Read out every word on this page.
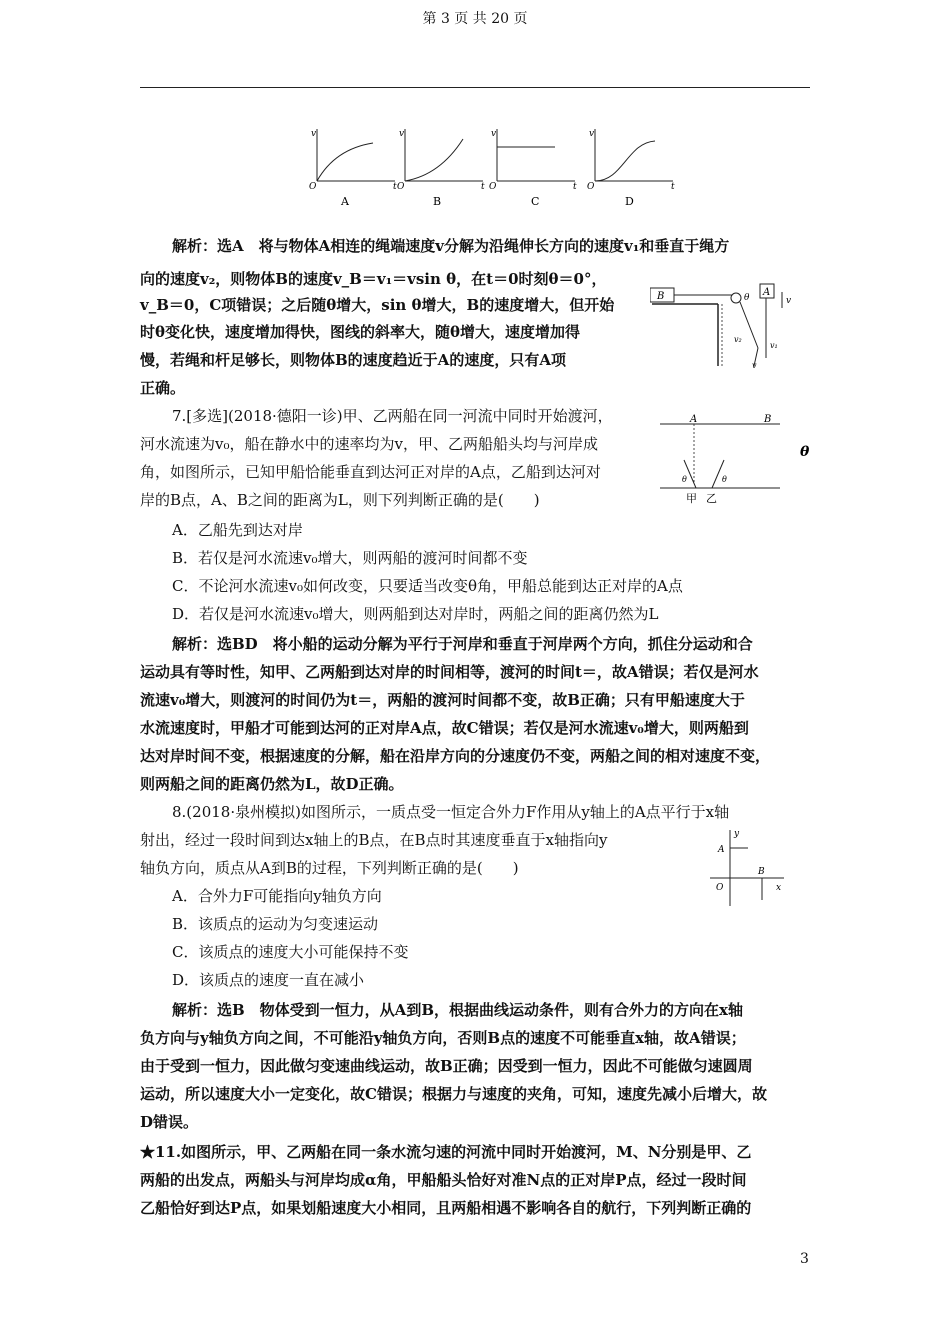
第 3 页 共 20 页
v
O	t
A
v
O	t
B
v
O	t
C
v
O	t
D
B	θ A
v
v₂
v₁
v
A	B
θ	θ
甲 乙
θ
y
A
B
O	x
解析：选A　将与物体A相连的绳端速度v分解为沿绳伸长方向的速度v₁和垂直于绳方
向的速度v₂，则物体B的速度v_B＝v₁＝vsin θ，在t＝0时刻θ＝0°，
v_B＝0，C项错误；之后随θ增大，sin θ增大，B的速度增大，但开始
时θ变化快，速度增加得快，图线的斜率大，随θ增大，速度增加得
慢，若绳和杆足够长，则物体B的速度趋近于A的速度，只有A项
正确。
7.[多选](2018·德阳一诊)甲、乙两船在同一河流中同时开始渡河，
河水流速为v₀，船在静水中的速率均为v，甲、乙两船船头均与河岸成
角，如图所示，已知甲船恰能垂直到达河正对岸的A点，乙船到达河对
岸的B点，A、B之间的距离为L，则下列判断正确的是(　　)
A．乙船先到达对岸
B．若仅是河水流速v₀增大，则两船的渡河时间都不变
C．不论河水流速v₀如何改变，只要适当改变θ角，甲船总能到达正对岸的A点
D．若仅是河水流速v₀增大，则两船到达对岸时，两船之间的距离仍然为L
解析：选BD　将小船的运动分解为平行于河岸和垂直于河岸两个方向，抓住分运动和合
运动具有等时性，知甲、乙两船到达对岸的时间相等，渡河的时间t＝，故A错误；若仅是河水
流速v₀增大，则渡河的时间仍为t＝，两船的渡河时间都不变，故B正确；只有甲船速度大于
水流速度时，甲船才可能到达河的正对岸A点，故C错误；若仅是河水流速v₀增大，则两船到
达对岸时间不变，根据速度的分解，船在沿岸方向的分速度仍不变，两船之间的相对速度不变，
则两船之间的距离仍然为L，故D正确。
8.(2018·泉州模拟)如图所示，一质点受一恒定合外力F作用从y轴上的A点平行于x轴
射出，经过一段时间到达x轴上的B点，在B点时其速度垂直于x轴指向y
轴负方向，质点从A到B的过程，下列判断正确的是(　　)
A．合外力F可能指向y轴负方向
B．该质点的运动为匀变速运动
C．该质点的速度大小可能保持不变
D．该质点的速度一直在减小
解析：选B　物体受到一恒力，从A到B，根据曲线运动条件，则有合外力的方向在x轴
负方向与y轴负方向之间，不可能沿y轴负方向，否则B点的速度不可能垂直x轴，故A错误；
由于受到一恒力，因此做匀变速曲线运动，故B正确；因受到一恒力，因此不可能做匀速圆周
运动，所以速度大小一定变化，故C错误；根据力与速度的夹角，可知，速度先减小后增大，故
D错误。
★11.如图所示，甲、乙两船在同一条水流匀速的河流中同时开始渡河，M、N分别是甲、乙
两船的出发点，两船头与河岸均成α角，甲船船头恰好对准N点的正对岸P点，经过一段时间
乙船恰好到达P点，如果划船速度大小相同，且两船相遇不影响各自的航行，下列判断正确的
3
